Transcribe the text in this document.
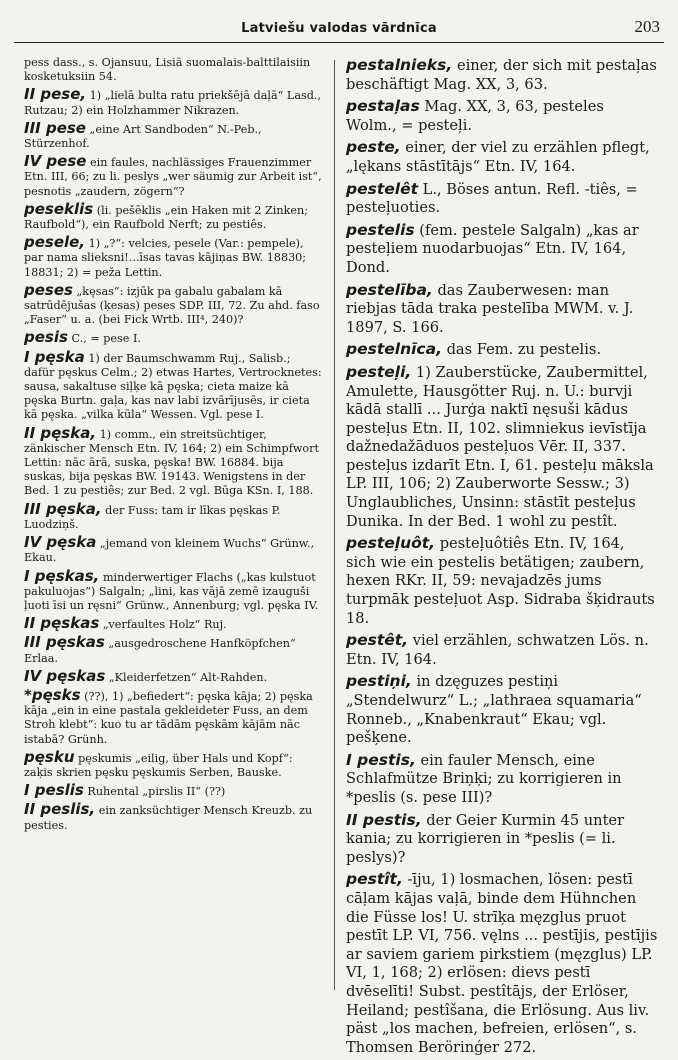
Latviešu valodas vārdnīca	203

pess dass., s. Ojansuu, Lisiä suomalais-balttilaisiin kosketuksiin 54.

II pese, 1) „lielā bulta ratu priekšējā daļā“ Lasd., Rutzau; 2) ein Holzhammer Nikrazen.

III pese „eine Art Sandboden“ N.-Peb., Stürzenhof.

IV pese ein faules, nachlässiges Frauenzimmer Etn. III, 66; zu li. peslys „wer säumig zur Arbeit ist“, pesnotis „zaudern, zögern“?

peseklis (li. pešēklis „ein Haken mit 2 Zinken; Raufbold“), ein Raufbold Nerft; zu pestiês.

pesele, 1) „?“: velcies, pesele (Var.: pempele), par nama slieksni!...īsas tavas kājiņas BW. 18830; 18831; 2) = peža Lettin.

peses „kęsas“: izjūk pa gabalu gabalam kā satrūdējušas (ķesas) peses SDP. III, 72. Zu ahd. faso „Faser“ u. a. (bei Fick Wrtb. III⁴, 240)?

pesis C., = pese I.

I pęska 1) der Baumschwamm Ruj., Salisb.; dafür pęskus Celm.; 2) etwas Hartes, Vertrocknetes: sausa, sakaltuse siļķe kā pęska; cieta maize kā pęska Burtn. gaļa, kas nav labi izvārījusēs, ir cieta kā pęska. „vilka kūla“ Wessen. Vgl. pese I.

II pęska, 1) comm., ein streitsüchtiger, zänkischer Mensch Etn. IV, 164; 2) ein Schimpfwort Lettin: nāc ārā, suska, pęska! BW. 16884. bija suskas, bija pęskas BW. 19143. Wenigstens in der Bed. 1 zu pestiês; zur Bed. 2 vgl. Būga KSn. I, 188.

III pęska, der Fuss: tam ir līkas pęskas P. Luodziņš.

IV pęska „jemand von kleinem Wuchs“ Grünw., Ekau.

I pęskas, minderwertiger Flachs („kas kulstuot pakuluojas“) Salgaln; „lini, kas vājā zemē izauguši ļuoti īsi un ręsni“ Grünw., Annenburg; vgl. pęska IV.

II pęskas „verfaultes Holz“ Ruj.

III pęskas „ausgedroschene Hanfköpfchen“ Erlaa.

IV pęskas „Kleiderfetzen“ Alt-Rahden.

*pęsks (??), 1) „befiedert“: pęska kāja; 2) pęska kāja „ein in eine pastala gekleideter Fuss, an dem Stroh klebt“: kuo tu ar tādām pęskām kājām nāc istabā? Grünh.

pęsku pęskumis „eilig, über Hals und Kopf“: zaķis skrien pęsku pęskumis Serben, Bauske.

I peslis Ruhental „pirslis II“ (??)

II peslis, ein zanksüchtiger Mensch Kreuzb. zu pesties.

pestalnieks, einer, der sich mit pestaļas beschäftigt Mag. XX, 3, 63.

pestaļas Mag. XX, 3, 63, pesteles Wolm., = pesteļi.

peste, einer, der viel zu erzählen pflegt, „lękans stāstītājs“ Etn. IV, 164.

pestelêt L., Böses antun. Refl. -tiês, = pesteļuoties.

pestelis (fem. pestele Salgaln) „kas ar pesteļiem nuodarbuojas“ Etn. IV, 164, Dond.

pestelība, das Zauberwesen: man riebjas tāda traka pestelība MWM. v. J. 1897, S. 166.

pestelnīca, das Fem. zu pestelis.

pesteļi, 1) Zauberstücke, Zaubermittel, Amulette, Hausgötter Ruj. n. U.: burvji kādā stallī ... Jurģa naktī nęsuši kādus pesteļus Etn. II, 102. slimniekus ievīstīja dažnedažāduos pesteļuos Vēr. II, 337. pesteļus izdarīt Etn. I, 61. pesteļu mākslа LP. III, 106; 2) Zauberworte Sessw.; 3) Unglaubliches, Unsinn: stāstīt pesteļus Dunika. In der Bed. 1 wohl zu pestît.

pesteļuôt, pesteļuôtiês Etn. IV, 164, sich wie ein pestelis betätigen; zaubern, hexen RKr. II, 59: nevajadzēs jums turpmāk pesteļuot Asp. Sidraba šķidrauts 18.

pestêt, viel erzählen, schwatzen Lös. n. Etn. IV, 164.

pestiņi, in dzęguzes pestiņi „Stendelwurz“ L.; „lathraea squamaria“ Ronneb., „Knabenkraut“ Ekau; vgl. pešķene.

I pestis, ein fauler Mensch, eine Schlafmütze Briņķi; zu korrigieren in *peslis (s. pese III)?

II pestis, der Geier Kurmin 45 unter kania; zu korrigieren in *peslis (= li. peslys)?

pestît, -īju, 1) losmachen, lösen: pestī cāļam kājas vaļā, binde dem Hühnchen die Füsse los! U. strīķa męzglus pruot pestīt LP. VI, 756. vęlns ... pestījis, pestījis ar saviem gariem pirkstiem (męzglus) LP. VI, 1, 168; 2) erlösen: dievs pestī dvēselīti! Subst. pestîtājs, der Erlöser, Heiland; pestîšana, die Erlösung. Aus liv. päst „los machen, befreien, erlösen“, s. Thomsen Berörinǵer 272.
